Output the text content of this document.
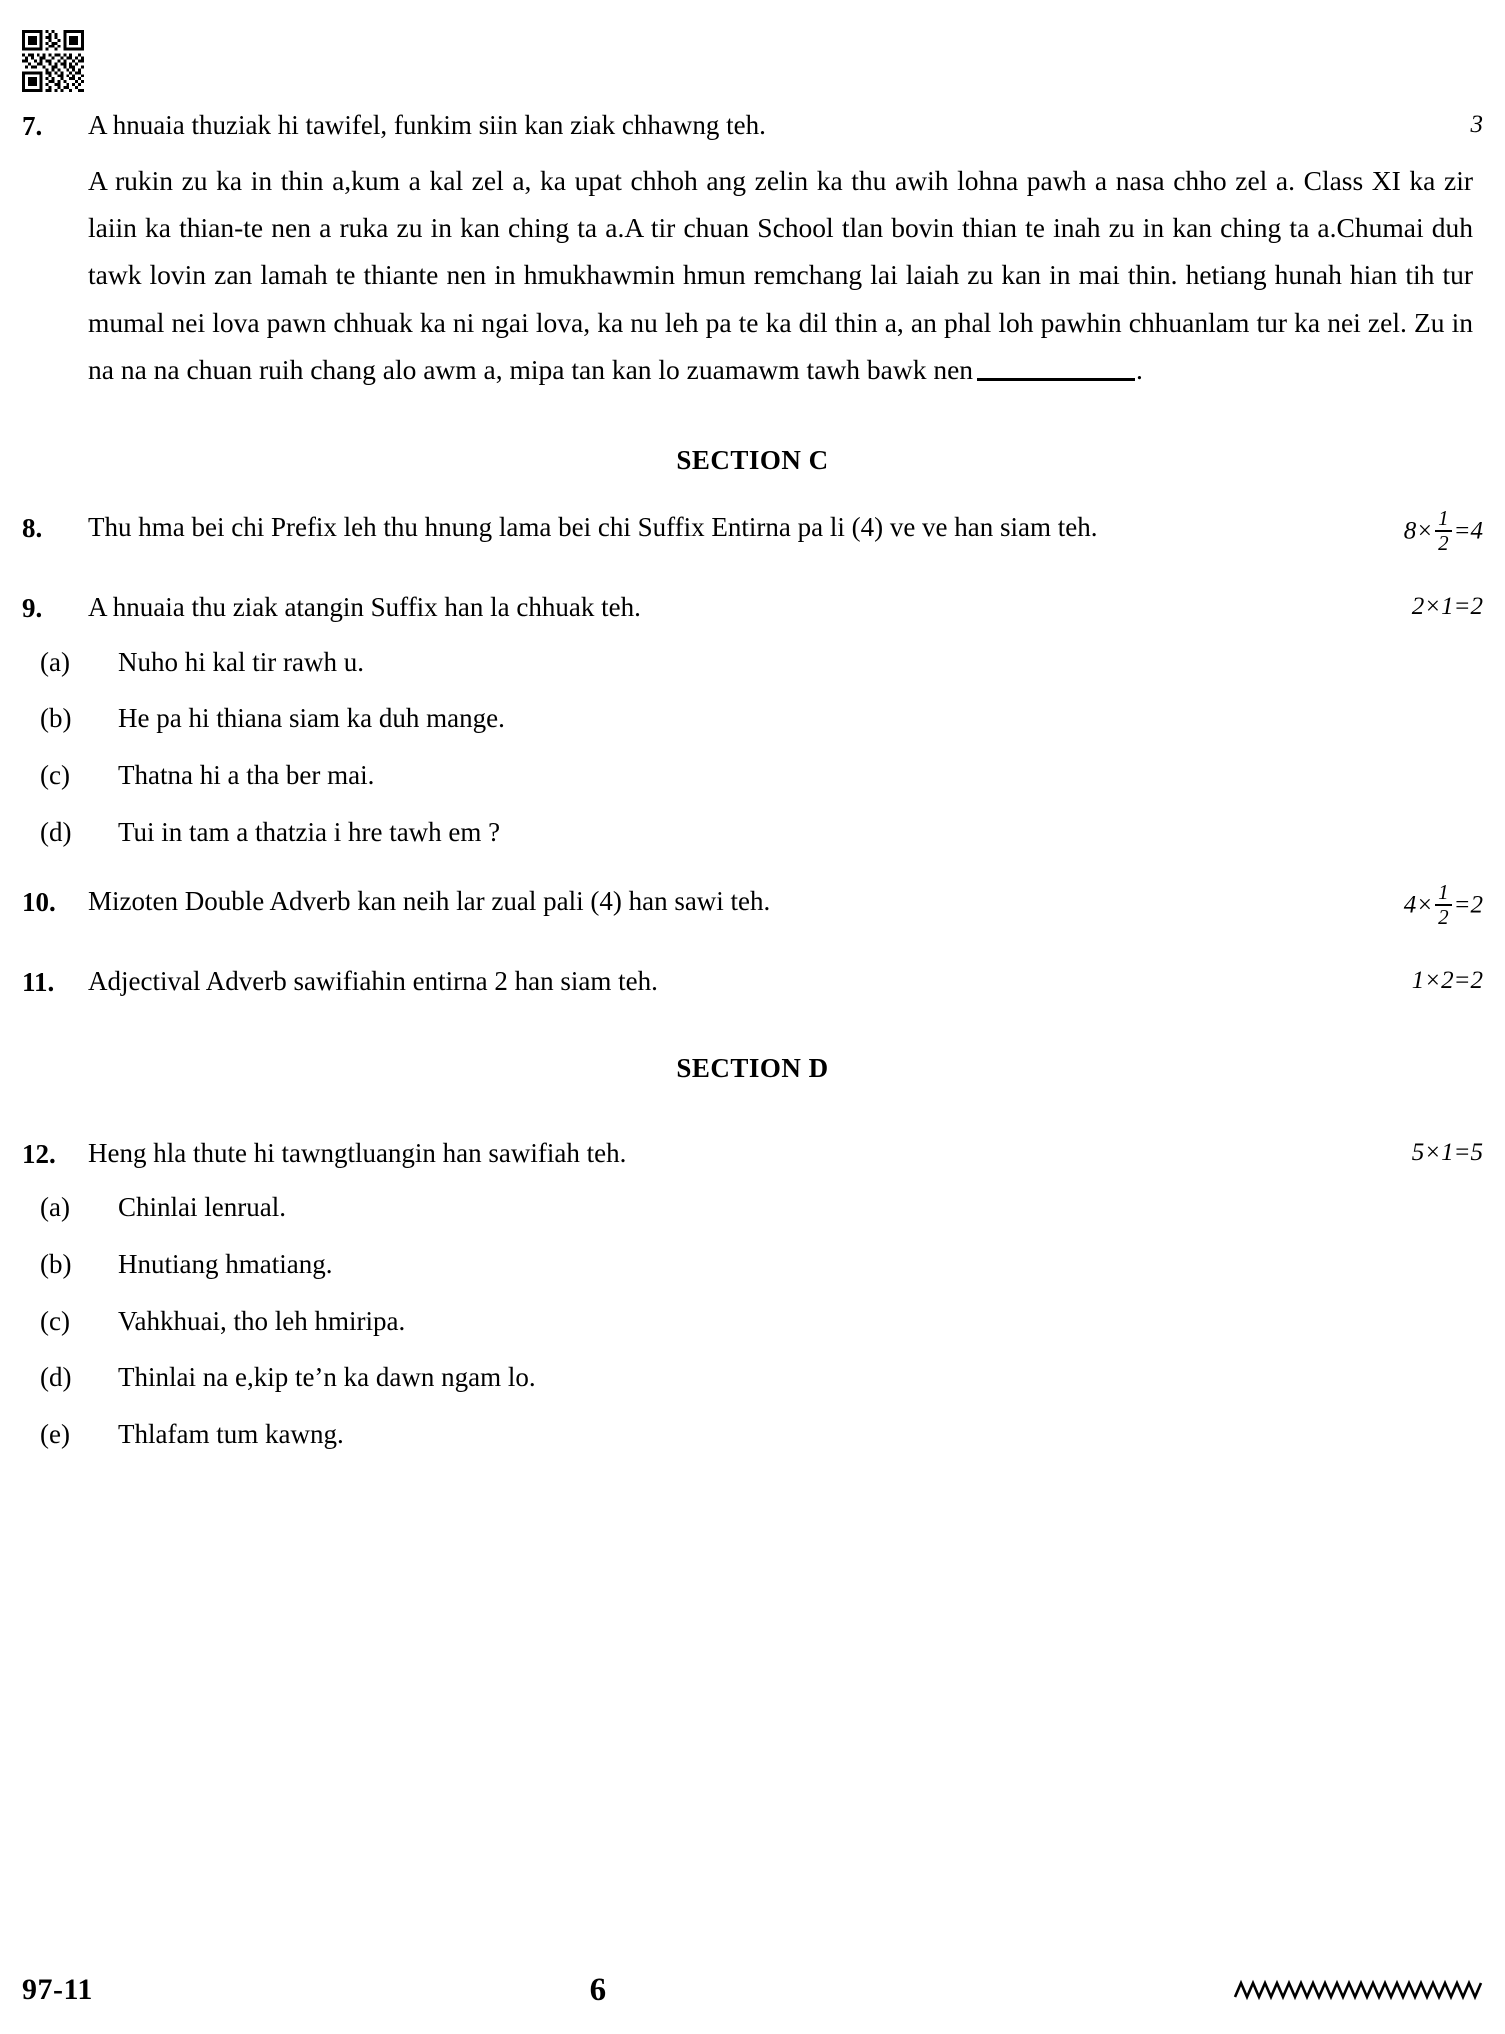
7.	A hnuaia thuziak hi tawifel, funkim siin kan ziak chhawng teh.	3

A rukin zu ka in thin a,kum a kal zel a, ka upat chhoh ang zelin ka thu awih lohna pawh a nasa chho zel a. Class XI ka zir laiin ka thian-te nen a ruka zu in kan ching ta a.A tir chuan School tlan bovin thian te inah zu in kan ching ta a.Chumai duh tawk lovin zan lamah te thiante nen in hmukhawmin hmun remchang lai laiah zu kan in mai thin. hetiang hunah hian tih tur mumal nei lova pawn chhuak ka ni ngai lova, ka nu leh pa te ka dil thin a, an phal loh pawhin chhuanlam tur ka nei zel. Zu in na na na chuan ruih chang alo awm a, mipa tan kan lo zuamawm tawh bawk nen	.

SECTION C
8.	Thu hma bei chi Prefix leh thu hnung lama bei chi Suffix Entirna pa li (4) ve ve han siam teh.	$8\times \frac{1}{2} =4$
9.	A hnuaia thu ziak atangin Suffix han la chhuak teh.	2×1=2
(a)	Nuho hi kal tir rawh u.
(b)	He pa hi thiana siam ka duh mange.
(c)	Thatna hi a tha ber mai.
(d)	Tui in tam a thatzia i hre tawh em ?
10.	Mizoten Double Adverb kan neih lar zual pali (4) han sawi teh.	$4\times \frac{1}{2} =2$
11.	Adjectival Adverb sawifiahin entirna 2 han siam teh.	1×2=2
SECTION D
12.	Heng hla thute hi tawngtluangin han sawifiah teh.	5×1=5
(a)	Chinlai lenrual.
(b)	Hnutiang hmatiang.
(c)	Vahkhuai, tho leh hmiripa.
(d)	Thinlai na e,kip te’n ka dawn ngam lo.
(e)	Thlafam tum kawng.
97-11	6
